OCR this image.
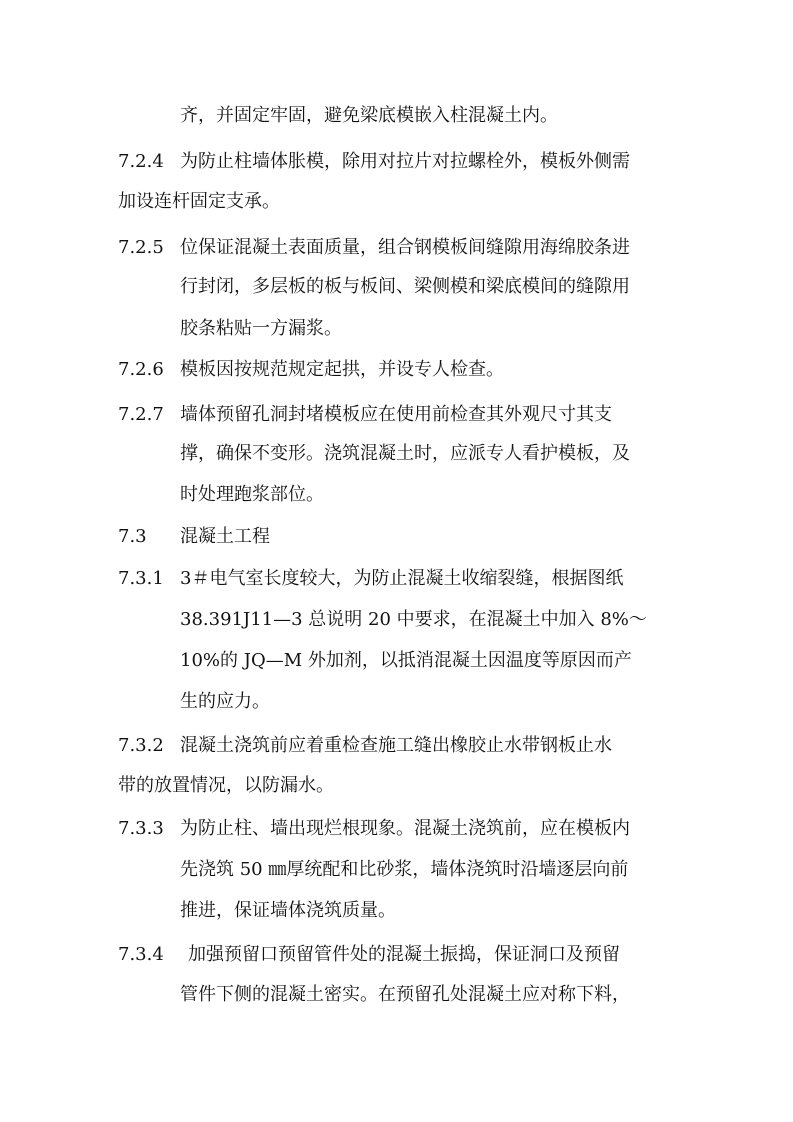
齐，并固定牢固，避免梁底模嵌入柱混凝土内。
7.2.4 为防止柱墙体胀模，除用对拉片对拉螺栓外，模板外侧需
加设连杆固定支承。
7.2.5 位保证混凝土表面质量，组合钢模板间缝隙用海绵胶条进
行封闭，多层板的板与板间、梁侧模和梁底模间的缝隙用
胶条粘贴一方漏浆。
7.2.6 模板因按规范规定起拱，并设专人检查。
7.2.7 墙体预留孔洞封堵模板应在使用前检查其外观尺寸其支
撑，确保不变形。浇筑混凝土时，应派专人看护模板，及
时处理跑浆部位。
7.3 混凝土工程
7.3.1 3＃电气室长度较大，为防止混凝土收缩裂缝，根据图纸
38.391J11—3 总说明 20 中要求，在混凝土中加入 8%～
10%的 JQ—M 外加剂，以抵消混凝土因温度等原因而产
生的应力。
7.3.2 混凝土浇筑前应着重检查施工缝出橡胶止水带钢板止水
带的放置情况，以防漏水。
7.3.3 为防止柱、墙出现烂根现象。混凝土浇筑前，应在模板内
先浇筑 50 ㎜厚统配和比砂浆，墙体浇筑时沿墙逐层向前
推进，保证墙体浇筑质量。
7.3.4 加强预留口预留管件处的混凝土振捣，保证洞口及预留
管件下侧的混凝土密实。在预留孔处混凝土应对称下料，
